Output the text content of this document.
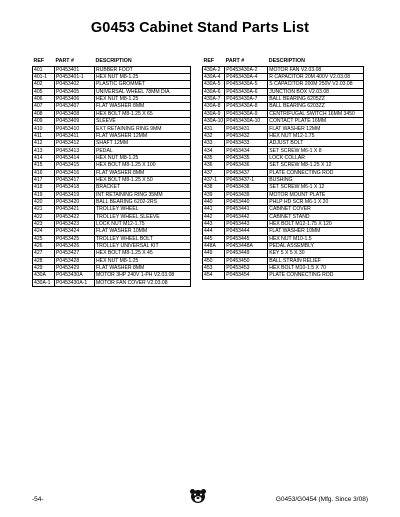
G0453 Cabinet Stand Parts List
REF	PART #	DESCRIPTION
401	P0453401	RUBBER FOOT
401-1	P0453401-1	HEX NUT M8-1.25
402	P0453402	PLASTIC GROMMET
405	P0453405	UNIVERSAL WHEEL 78MM DIA
406	P0453406	HEX NUT M8-1.25
407	P0453407	FLAT WASHER 8MM
408	P0453408	HEX BOLT M8-1.25 X 65
409	P0453409	SLEEVE
410	P0453410	EXT RETAINING RING 9MM
411	P0453411	FLAT WASHER 12MM
412	P0453412	SHAFT 12MM
413	P0453413	PEDAL
414	P0453414	HEX NUT M8-1.25
415	P0453415	HEX BOLT M8-1.25 X 100
416	P0453416	FLAT WASHER 8MM
417	P0453417	HEX BOLT M8-1.25 X 50
418	P0453418	BRACKET
419	P0453419	INT RETAINING RING 35MM
420	P0453420	BALL BEARING 6202-2RS
421	P0453421	TROLLEY WHEEL
422	P0453422	TROLLEY WHEEL SLEEVE
423	P0453423	LOCK NUT M12-1.75
424	P0453424	FLAT WASHER 10MM
425	P0453425	TROLLEY WHEEL BOLT
426	P0453426	TROLLEY UNIVERSAL KIT
427	P0453427	HEX BOLT M8-1.25 X 45
428	P0453428	HEX NUT M8-1.25
429	P0453429	FLAT WASHER 8MM
430A	P0453430A	MOTOR 3HP 240V 1-PH V2.03.08
430A-1	P0453430A-1	MOTOR FAN COVER V2.03.08
REF	PART #	DESCRIPTION
430A-2	P0453430A-2	MOTOR FAN V2.03.08
430A-4	P0453430A-4	R CAPACITOR 20M 400V V2.03.08
430A-5	P0453430A-5	S CAPACITOR 200M 250V V2.03.08
430A-6	P0453430A-6	JUNCTION BOX V2.03.08
430A-7	P0453430A-7	BALL BEARING 6205ZZ
430A-8	P0453430A-8	BALL BEARING 6203ZZ
430A-9	P0453430A-9	CENTRIFUGAL SWITCH 16MM 3450
430A-10	P0453430A-10	CONTACT PLATE 16MM
431	P0453431	FLAT WASHER 12MM
432	P0453432	HEX NUT M12-1.75
433	P0453433	ADJUST BOLT
434	P0453434	SET SCREW M6-1 X 8
435	P0453435	LOCK COLLAR
436	P0453436	SET SCREW M8-1.25 X 12
437	P0453437	PLATE CONNECTING ROD
437-1	P0453437-1	BUSHING
438	P0453438	SET SCREW M6-1 X 12
439	P0453439	MOTOR MOUNT PLATE
440	P0453440	PHLP HD SCR M6-1 X 20
441	P0453441	CABINET COVER
442	P0453442	CABINET STAND
443	P0453443	HEX BOLT M12-1.75 X 120
444	P0453444	FLAT WASHER 10MM
445	P0453445	HEX NUT M10-1.5
448A	P0453448A	PEDAL ASSEMBLY
449	P0453449	KEY 5 X 5 X 30
450	P0453450	BALL STRAIN RELIEF
453	P0453453	HEX BOLT M10-1.5 X 70
454	P0453454	PLATE CONNECTING ROD
-54-	G0453/G0454 (Mfg. Since 3/08)
